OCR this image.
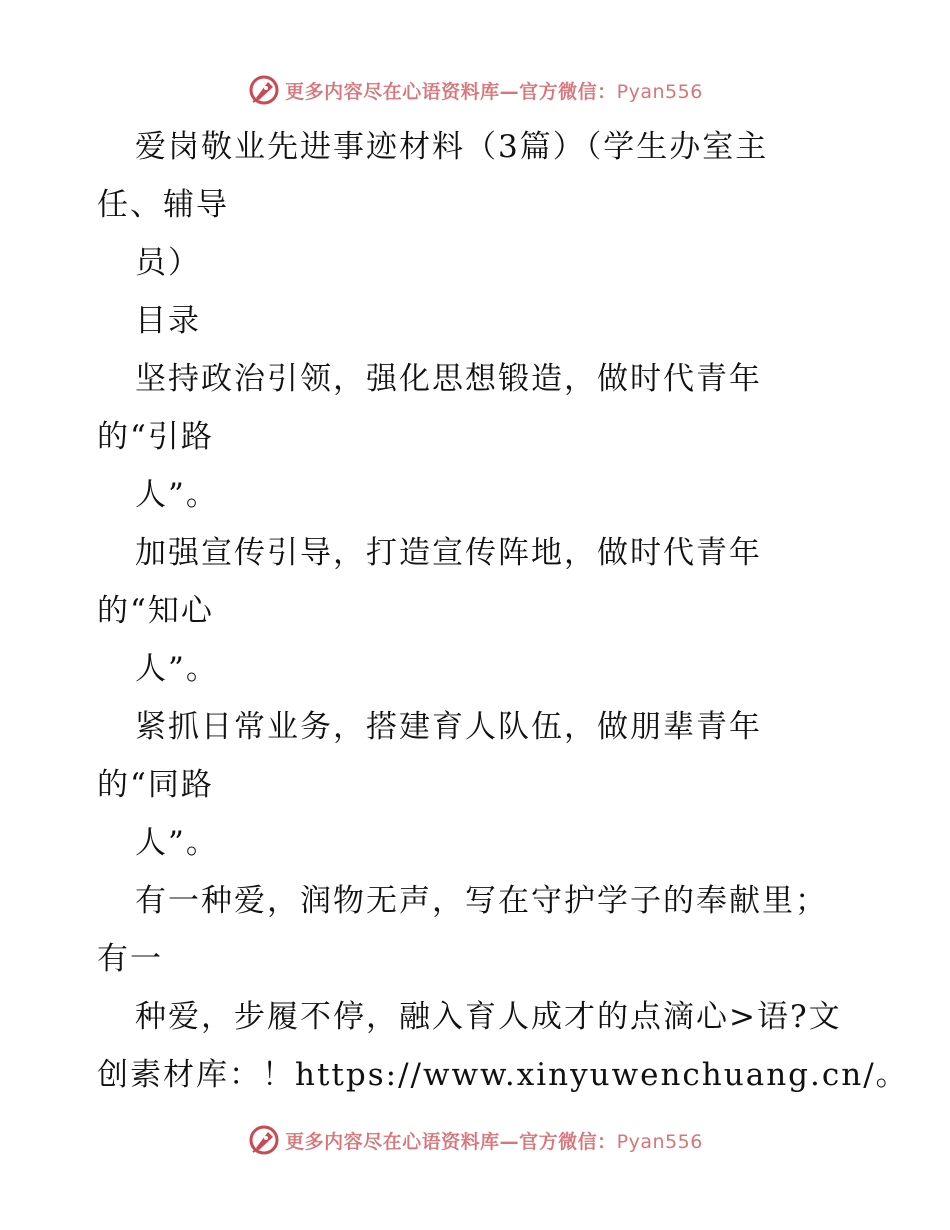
更多内容尽在心语资料库—官方微信：Pyan556
爱岗敬业先进事迹材料（3篇）（学生办室主
任、辅导
员）
目录
坚持政治引领，强化思想锻造，做时代青年
的“引路
人”。
加强宣传引导，打造宣传阵地，做时代青年
的“知心
人”。
紧抓日常业务，搭建育人队伍，做朋辈青年
的“同路
人”。
有一种爱，润物无声，写在守护学子的奉献里；
有一
种爱，步履不停，融入育人成才的点滴心>语?文
创素材库：！https://www.xinyuwenchuang.cn/。
更多内容尽在心语资料库—官方微信：Pyan556
